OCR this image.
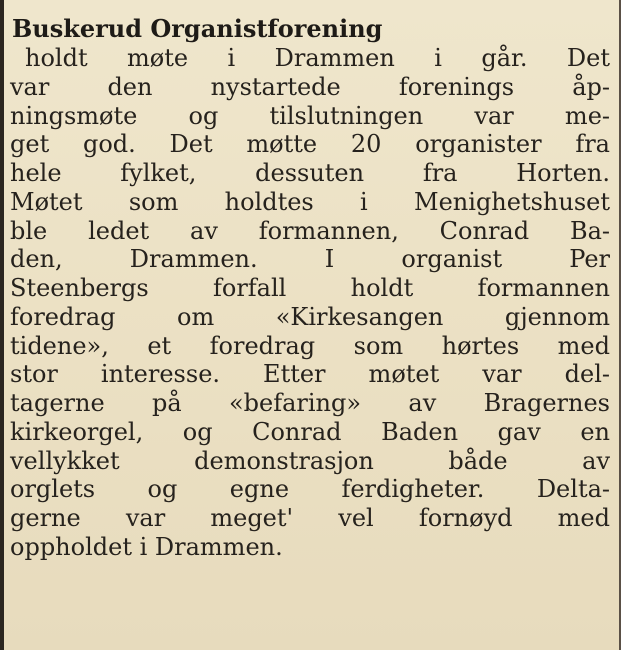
Buskerud Organistforening
holdt møte i Drammen i går. Det
var den nystartede forenings åp-
ningsmøte og tilslutningen var me-
get god. Det møtte 20 organister fra
hele fylket, dessuten fra Horten.
Møtet som holdtes i Menighetshuset
ble ledet av formannen, Conrad Ba-
den, Drammen. I organist Per
Steenbergs forfall holdt formannen
foredrag om «Kirkesangen gjennom
tidene», et foredrag som hørtes med
stor interesse. Etter møtet var del-
tagerne på «befaring» av Bragernes
kirkeorgel, og Conrad Baden gav en
vellykket demonstrasjon både av
orglets og egne ferdigheter. Delta-
gerne var meget' vel fornøyd med
oppholdet i Drammen.
